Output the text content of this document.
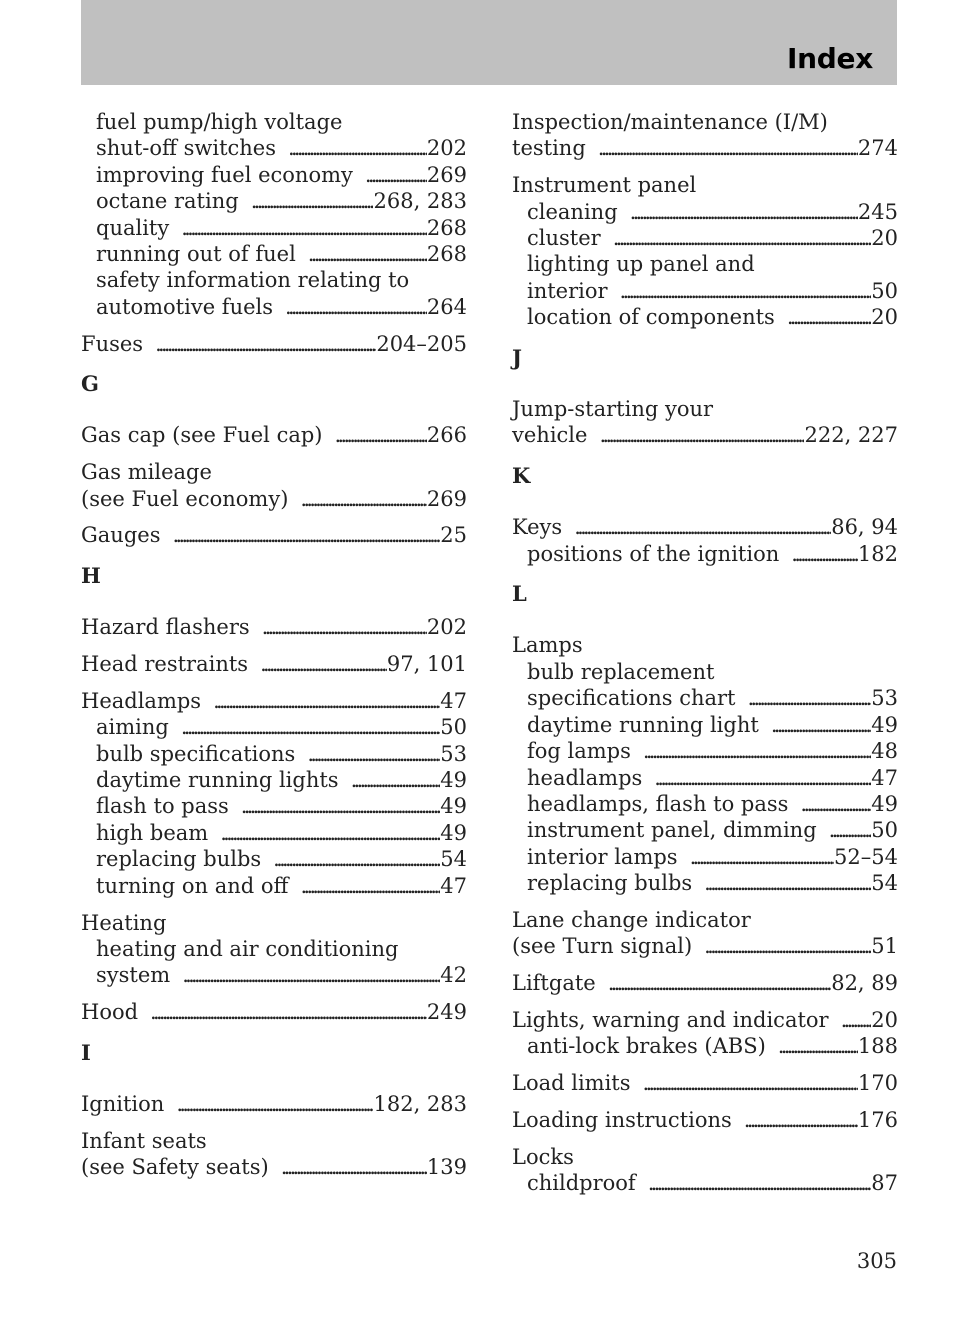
Index
fuel pump/high voltage
shut-off switches . . .	202
improving fuel economy . . .	269
octane rating . . .	268, 283
quality . . .	268
running out of fuel . . .	268
safety information relating to
automotive fuels . . .	264
Fuses . . .	204–205
G
Gas cap (see Fuel cap) . . .	266
Gas mileage
(see Fuel economy) . . .	269
Gauges . . .	25
H
Hazard flashers . . .	202
Head restraints . . .	97, 101
Headlamps . . .	47
aiming . . .	50
bulb specifications . . .	53
daytime running lights . . .	49
flash to pass . . .	49
high beam . . .	49
replacing bulbs . . .	54
turning on and off . . .	47
Heating
heating and air conditioning
system . . .	42
Hood . . .	249
I
Ignition . . .	182, 283
Infant seats
(see Safety seats) . . .	139
Inspection/maintenance (I/M)
testing . . .	274
Instrument panel
cleaning . . .	245
cluster . . .	20
lighting up panel and
interior . . .	50
location of components . . .	20
J
Jump-starting your
vehicle . . .	222, 227
K
Keys . . .	86, 94
positions of the ignition . . .	182
L
Lamps
bulb replacement
specifications chart . . .	53
daytime running light . . .	49
fog lamps . . .	48
headlamps . . .	47
headlamps, flash to pass . . .	49
instrument panel, dimming . . .	50
interior lamps . . .	52–54
replacing bulbs . . .	54
Lane change indicator
(see Turn signal) . . .	51
Liftgate . . .	82, 89
Lights, warning and indicator . . . 20
anti-lock brakes (ABS) . . .	188
Load limits . . .	170
Loading instructions . . .	176
Locks
childproof . . .	87
305
